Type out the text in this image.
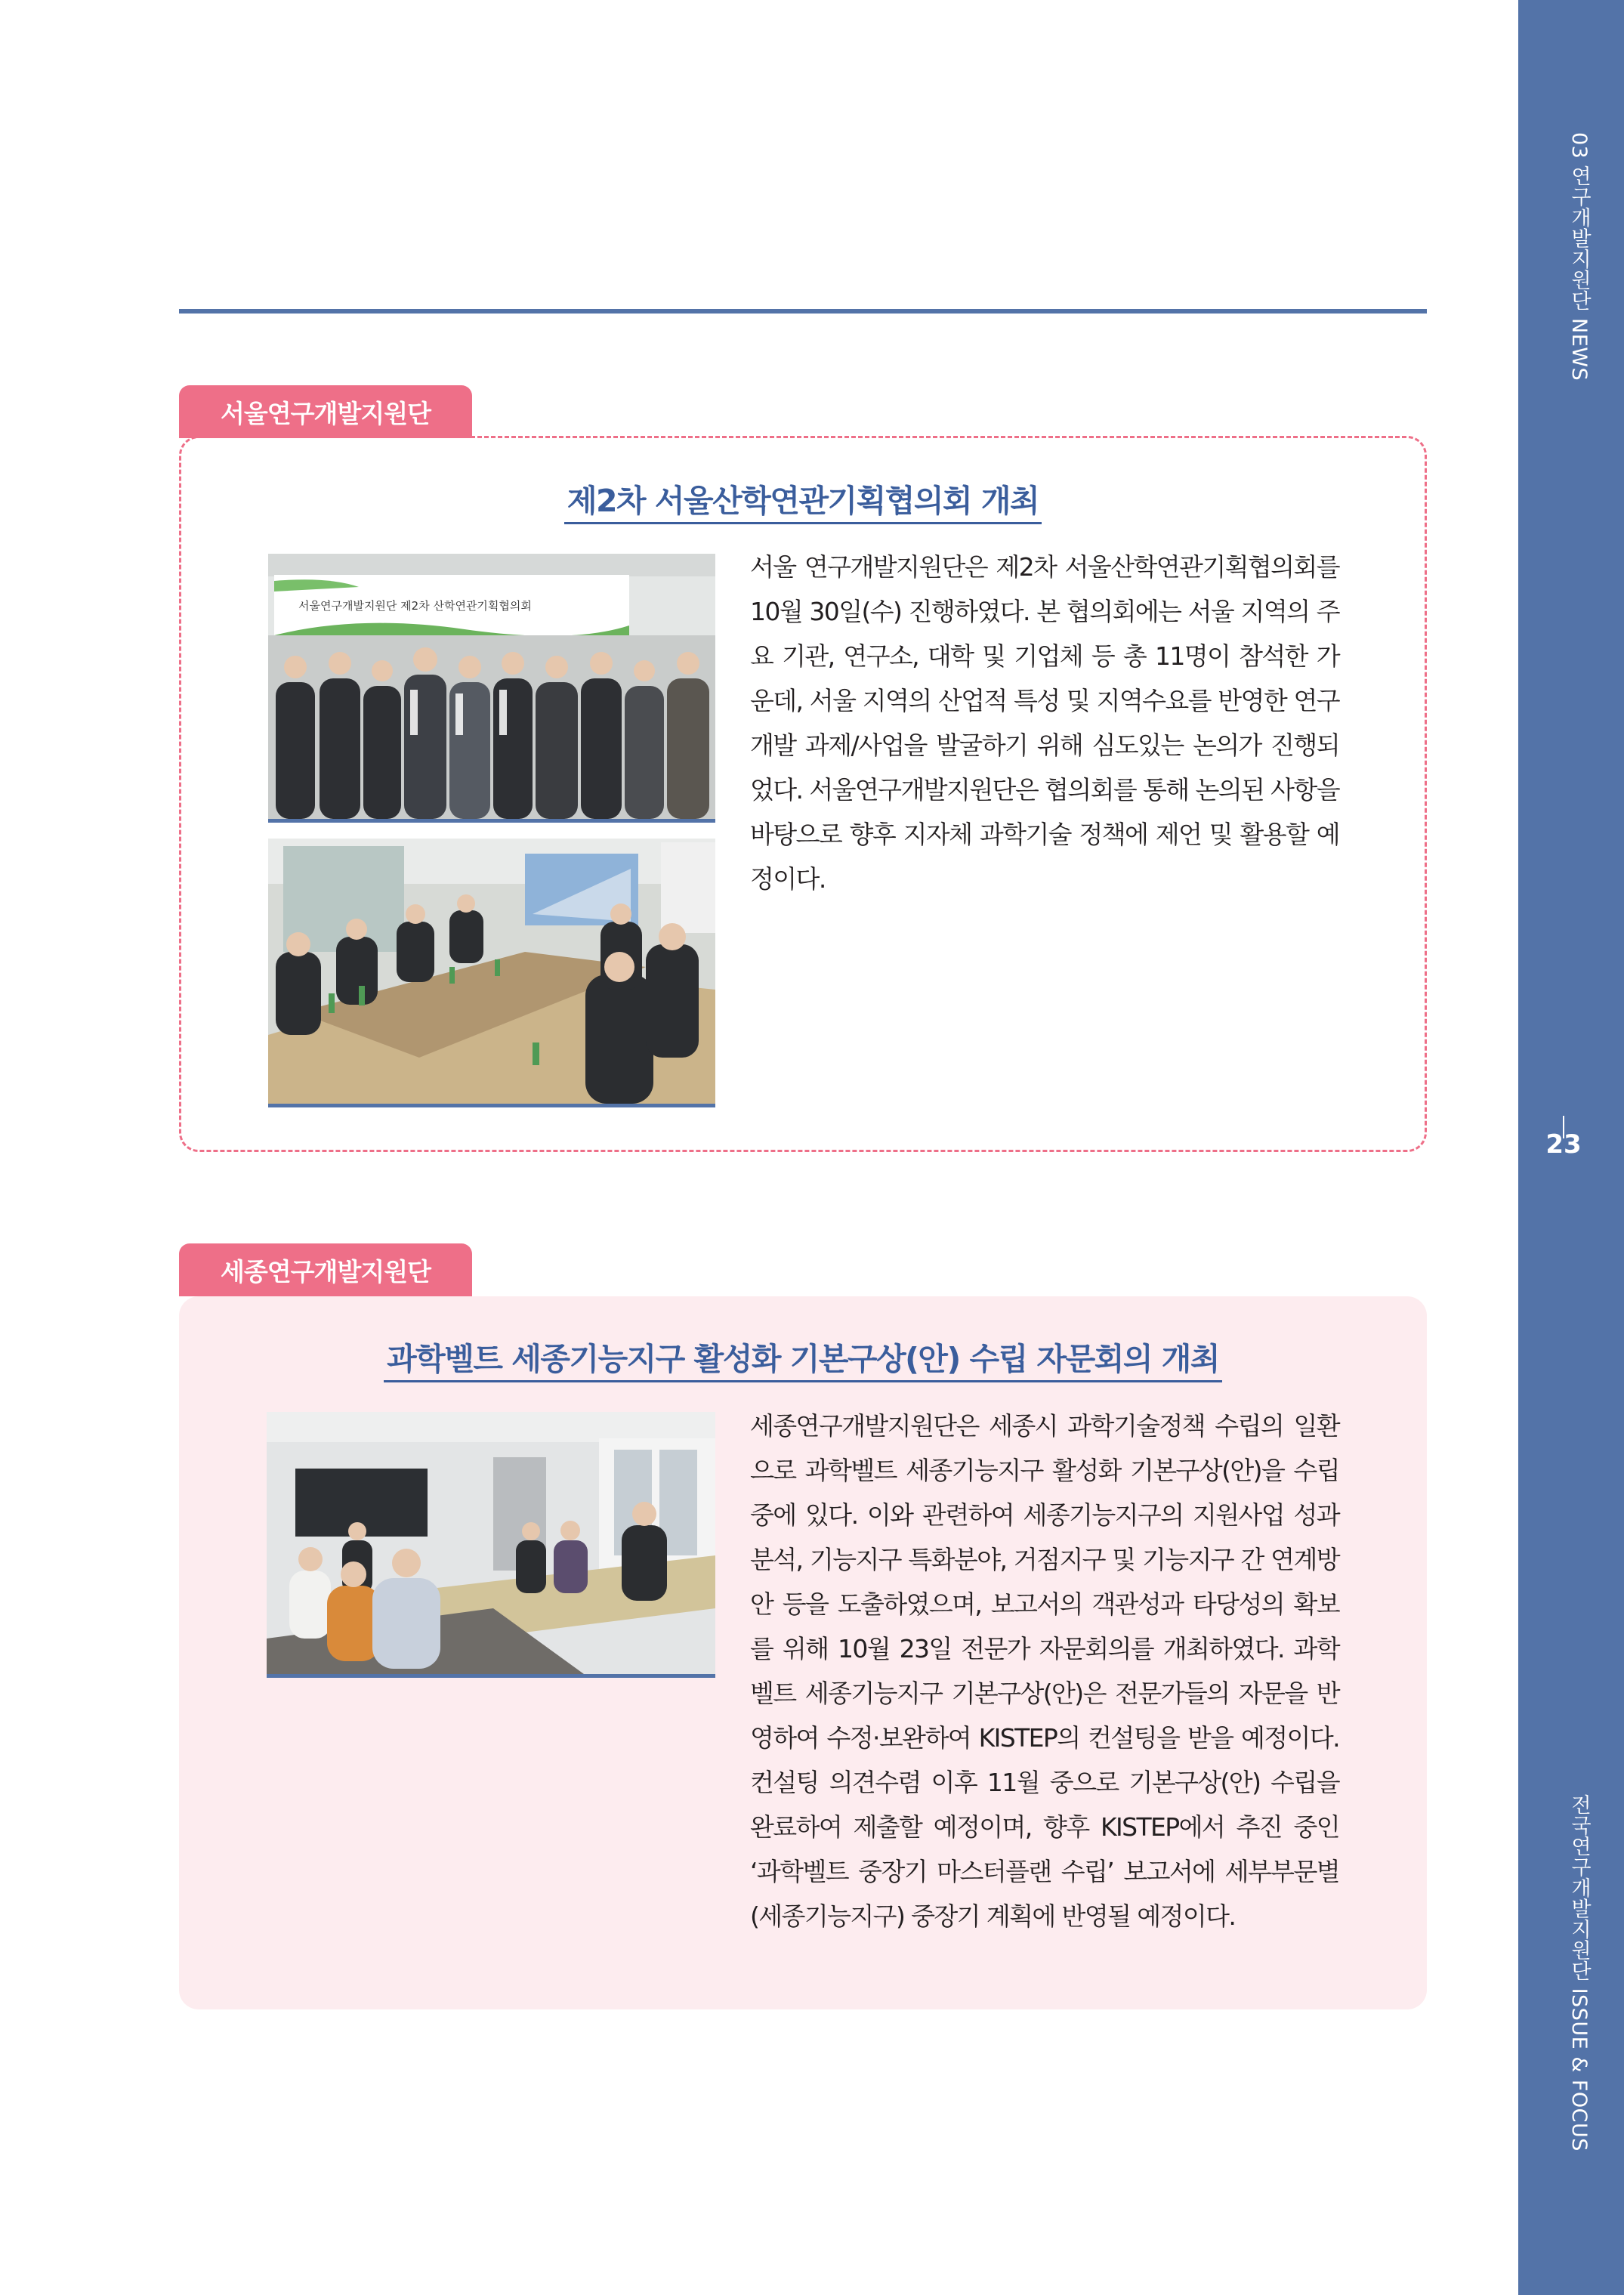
03 연구개발지원단 NEWS
전국연구개발지원단 ISSUE & FOCUS
23
서울연구개발지원단
제2차 서울산학연관기획협의회 개최
서울연구개발지원단 제2차 산학연관기획협의회
서울 연구개발지원단은 제2차 서울산학연관기획협의회를 10월 30일(수) 진행하였다. 본 협의회에는 서울 지역의 주요 기관, 연구소, 대학 및 기업체 등 총 11명이 참석한 가운데, 서울 지역의 산업적 특성 및 지역수요를 반영한 연구개발 과제/사업을 발굴하기 위해 심도있는 논의가 진행되었다. 서울연구개발지원단은 협의회를 통해 논의된 사항을 바탕으로 향후 지자체 과학기술 정책에 제언 및 활용할 예정이다.
세종연구개발지원단
과학벨트 세종기능지구 활성화 기본구상(안) 수립 자문회의 개최
세종연구개발지원단은 세종시 과학기술정책 수립의 일환으로 과학벨트 세종기능지구 활성화 기본구상(안)을 수립 중에 있다. 이와 관련하여 세종기능지구의 지원사업 성과분석, 기능지구 특화분야, 거점지구 및 기능지구 간 연계방안 등을 도출하였으며, 보고서의 객관성과 타당성의 확보를 위해 10월 23일 전문가 자문회의를 개최하였다. 과학벨트 세종기능지구 기본구상(안)은 전문가들의 자문을 반영하여 수정·보완하여 KISTEP의 컨설팅을 받을 예정이다. 컨설팅 의견수렴 이후 11월 중으로 기본구상(안) 수립을 완료하여 제출할 예정이며, 향후 KISTEP에서 추진 중인 ‘과학벨트 중장기 마스터플랜 수립’ 보고서에 세부부문별(세종기능지구) 중장기 계획에 반영될 예정이다.
